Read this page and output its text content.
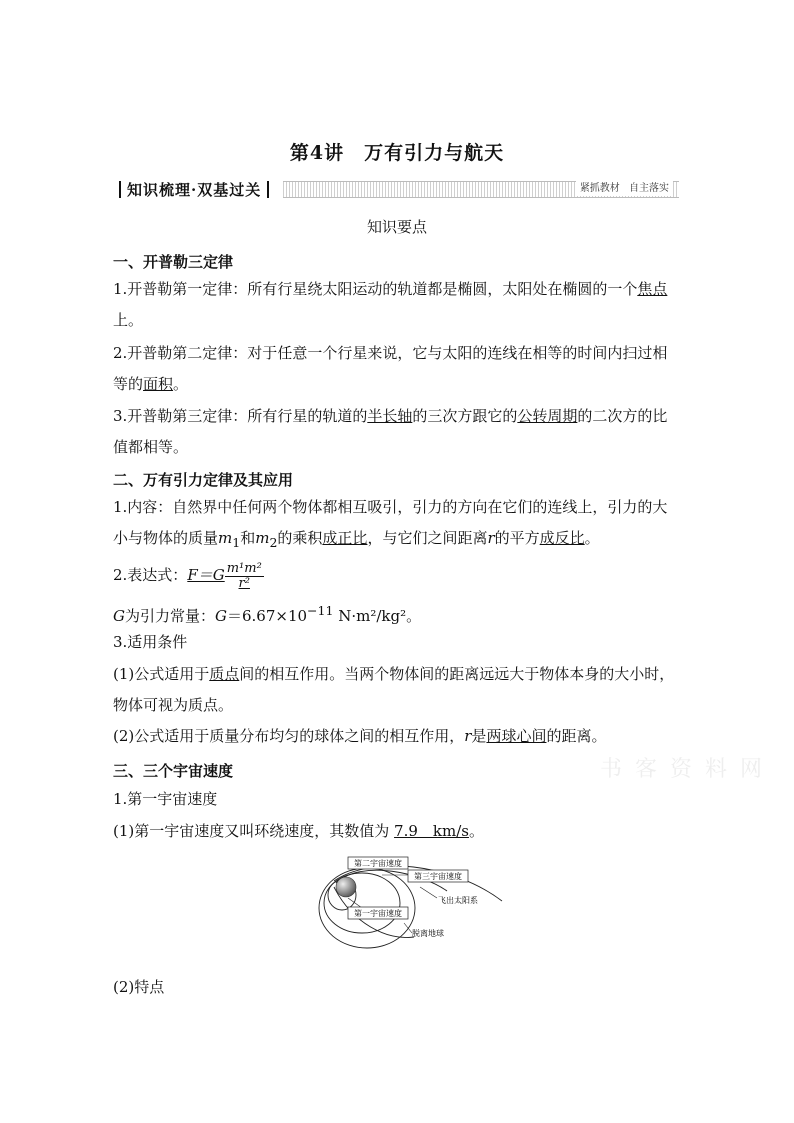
第4讲　万有引力与航天
知识梳理·双基过关	紧抓教材 自主落实
知识要点
一、开普勒三定律
1.开普勒第一定律：所有行星绕太阳运动的轨道都是椭圆，太阳处在椭圆的一个焦点上。
2.开普勒第二定律：对于任意一个行星来说，它与太阳的连线在相等的时间内扫过相等的面积。
3.开普勒第三定律：所有行星的轨道的半长轴的三次方跟它的公转周期的二次方的比值都相等。
二、万有引力定律及其应用
1.内容：自然界中任何两个物体都相互吸引，引力的方向在它们的连线上，引力的大小与物体的质量$m_1$和$m_2$的乘积成正比，与它们之间距离r的平方成反比。
2.表达式：$F=G \frac{\text{m¹m²}}{\text{r²}}$
G为引力常量：$G=6.67\times 10^{-11}$ N·m²/kg²。
3.适用条件
(1)公式适用于质点间的相互作用。当两个物体间的距离远远大于物体本身的大小时，物体可视为质点。
(2)公式适用于质量分布均匀的球体之间的相互作用，r是两球心间的距离。
三、三个宇宙速度
1.第一宇宙速度
(1)第一宇宙速度又叫环绕速度，其数值为 7.9　km/s。
书 客 资 料 网
第二宇宙速度
第三宇宙速度
第一宇宙速度
飞出太阳系
脱离地球
(2)特点
